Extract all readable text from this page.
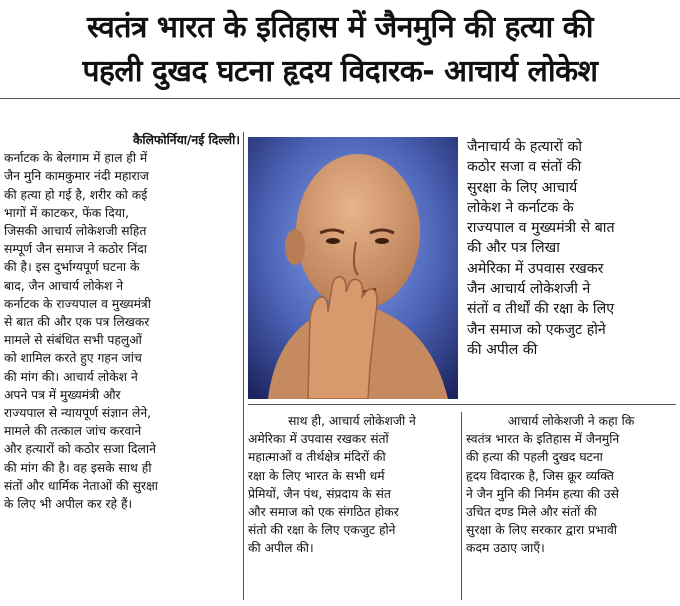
स्वतंत्र भारत के इतिहास में जैनमुनि की हत्या की
पहली दुखद घटना हृदय विदारक- आचार्य लोकेश
कैलिफोर्निया/नई दिल्ली।
कर्नाटक के बेलगाम में हाल ही में
जैन मुनि कामकुमार नंदी महाराज
की हत्या हो गई है, शरीर को कई
भागों में काटकर, फेंक दिया,
जिसकी आचार्य लोकेशजी सहित
सम्पूर्ण जैन समाज ने कठोर निंदा
की है। इस दुर्भाग्यपूर्ण घटना के
बाद, जैन आचार्य लोकेश ने
कर्नाटक के राज्यपाल व मुख्यमंत्री
से बात की और एक पत्र लिखकर
मामले से संबंधित सभी पहलुओं
को शामिल करते हुए गहन जांच
की मांग की। आचार्य लोकेश ने
अपने पत्र में मुख्यमंत्री और
राज्यपाल से न्यायपूर्ण संज्ञान लेने,
मामले की तत्काल जांच करवाने
और हत्यारों को कठोर सजा दिलाने
की मांग की है। वह इसके साथ ही
संतों और धार्मिक नेताओं की सुरक्षा
के लिए भी अपील कर रहे हैं।
जैनाचार्य के हत्यारों को
कठोर सजा व संतों की
सुरक्षा के लिए आचार्य
लोकेश ने कर्नाटक के
राज्यपाल व मुख्यमंत्री से बात
की और पत्र लिखा
अमेरिका में उपवास रखकर
जैन आचार्य लोकेशजी ने
संतों व तीर्थों की रक्षा के लिए
जैन समाज को एकजुट होने
की अपील की
साथ ही, आचार्य लोकेशजी ने
अमेरिका में उपवास रखकर संतों
महात्माओं व तीर्थक्षेत्र मंदिरों की
रक्षा के लिए भारत के सभी धर्म
प्रेमियों, जैन पंथ, संप्रदाय के संत
और समाज को एक संगठित होकर
संतो की रक्षा के लिए एकजुट होने
की अपील की।
आचार्य लोकेशजी ने कहा कि
स्वतंत्र भारत के इतिहास में जैनमुनि
की हत्या की पहली दुखद घटना
हृदय विदारक है, जिस क्रूर व्यक्ति
ने जैन मुनि की निर्मम हत्या की उसे
उचित दण्ड मिले और संतों की
सुरक्षा के लिए सरकार द्वारा प्रभावी
कदम उठाए जाएँ।
